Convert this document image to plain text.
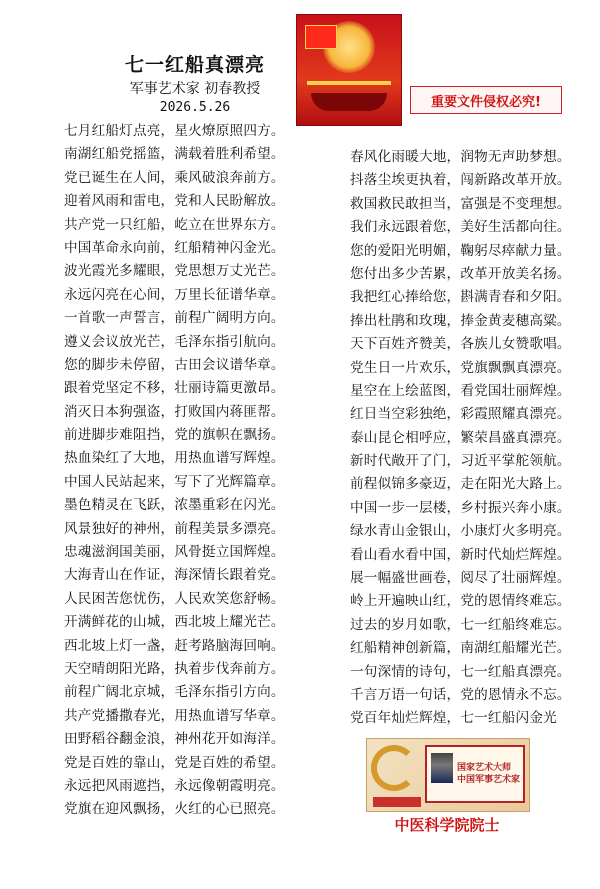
七一红船真漂亮
军事艺术家 初春教授
2026.5.26	重要文件侵权必究!
七月红船灯点亮，星火燎原照四方。
南湖红船党摇篮，满载着胜利希望。
党已诞生在人间，乘风破浪奔前方。
迎着风雨和雷电，党和人民盼解放。
共产党一只红船，屹立在世界东方。
中国革命永向前，红船精神闪金光。
波光霞光多耀眼，党思想万丈光芒。
永远闪亮在心间，万里长征谱华章。
一首歌一声誓言，前程广阔明方向。
遵义会议放光芒，毛泽东指引航向。
您的脚步未停留，古田会议谱华章。
跟着党坚定不移，壮丽诗篇更激昂。
消灭日本狗强盗，打败国内蒋匪帮。
前进脚步难阻挡，党的旗帜在飘扬。
热血染红了大地，用热血谱写辉煌。
中国人民站起来，写下了光辉篇章。
墨色精灵在飞跃，浓墨重彩在闪光。
风景独好的神州，前程美景多漂亮。
忠魂滋润国美丽，风骨挺立国辉煌。
大海青山在作证，海深情长跟着党。
人民困苦您忧伤，人民欢笑您舒畅。
开满鲜花的山城，西北坡上耀光芒。
西北坡上灯一盏，赶考路脑海回响。
天空晴朗阳光路，执着步伐奔前方。
前程广阔北京城，毛泽东指引方向。
共产党播撒春光，用热血谱写华章。
田野稻谷翻金浪，神州花开如海洋。
党是百姓的靠山，党是百姓的希望。
永远把风雨遮挡，永远像朝霞明亮。
党旗在迎风飘扬，火红的心已照亮。
春风化雨暖大地，润物无声助梦想。
抖落尘埃更执着，闯新路改革开放。
救国救民敢担当，富强是不变理想。
我们永远跟着您，美好生活都向往。
您的爱阳光明媚，鞠躬尽瘁献力量。
您付出多少苦累，改革开放美名扬。
我把红心捧给您，斟满青春和夕阳。
捧出杜鹃和玫瑰，捧金黄麦穗高粱。
天下百姓齐赞美，各族儿女赞歌唱。
党生日一片欢乐，党旗飘飘真漂亮。
星空在上绘蓝图，看党国壮丽辉煌。
红日当空彩独绝，彩霞照耀真漂亮。
泰山昆仑相呼应，繁荣昌盛真漂亮。
新时代敞开了门，习近平掌舵领航。
前程似锦多豪迈，走在阳光大路上。
中国一步一层楼，乡村振兴奔小康。
绿水青山金银山，小康灯火多明亮。
看山看水看中国，新时代灿烂辉煌。
展一幅盛世画卷，阅尽了壮丽辉煌。
岭上开遍映山红，党的恩情终难忘。
过去的岁月如歌，七一红船终难忘。
红船精神创新篇，南湖红船耀光芒。
一句深情的诗句，七一红船真漂亮。
千言万语一句话，党的恩情永不忘。
党百年灿烂辉煌，七一红船闪金光
国家艺术大师
中国军事艺术家
中医科学院院士
